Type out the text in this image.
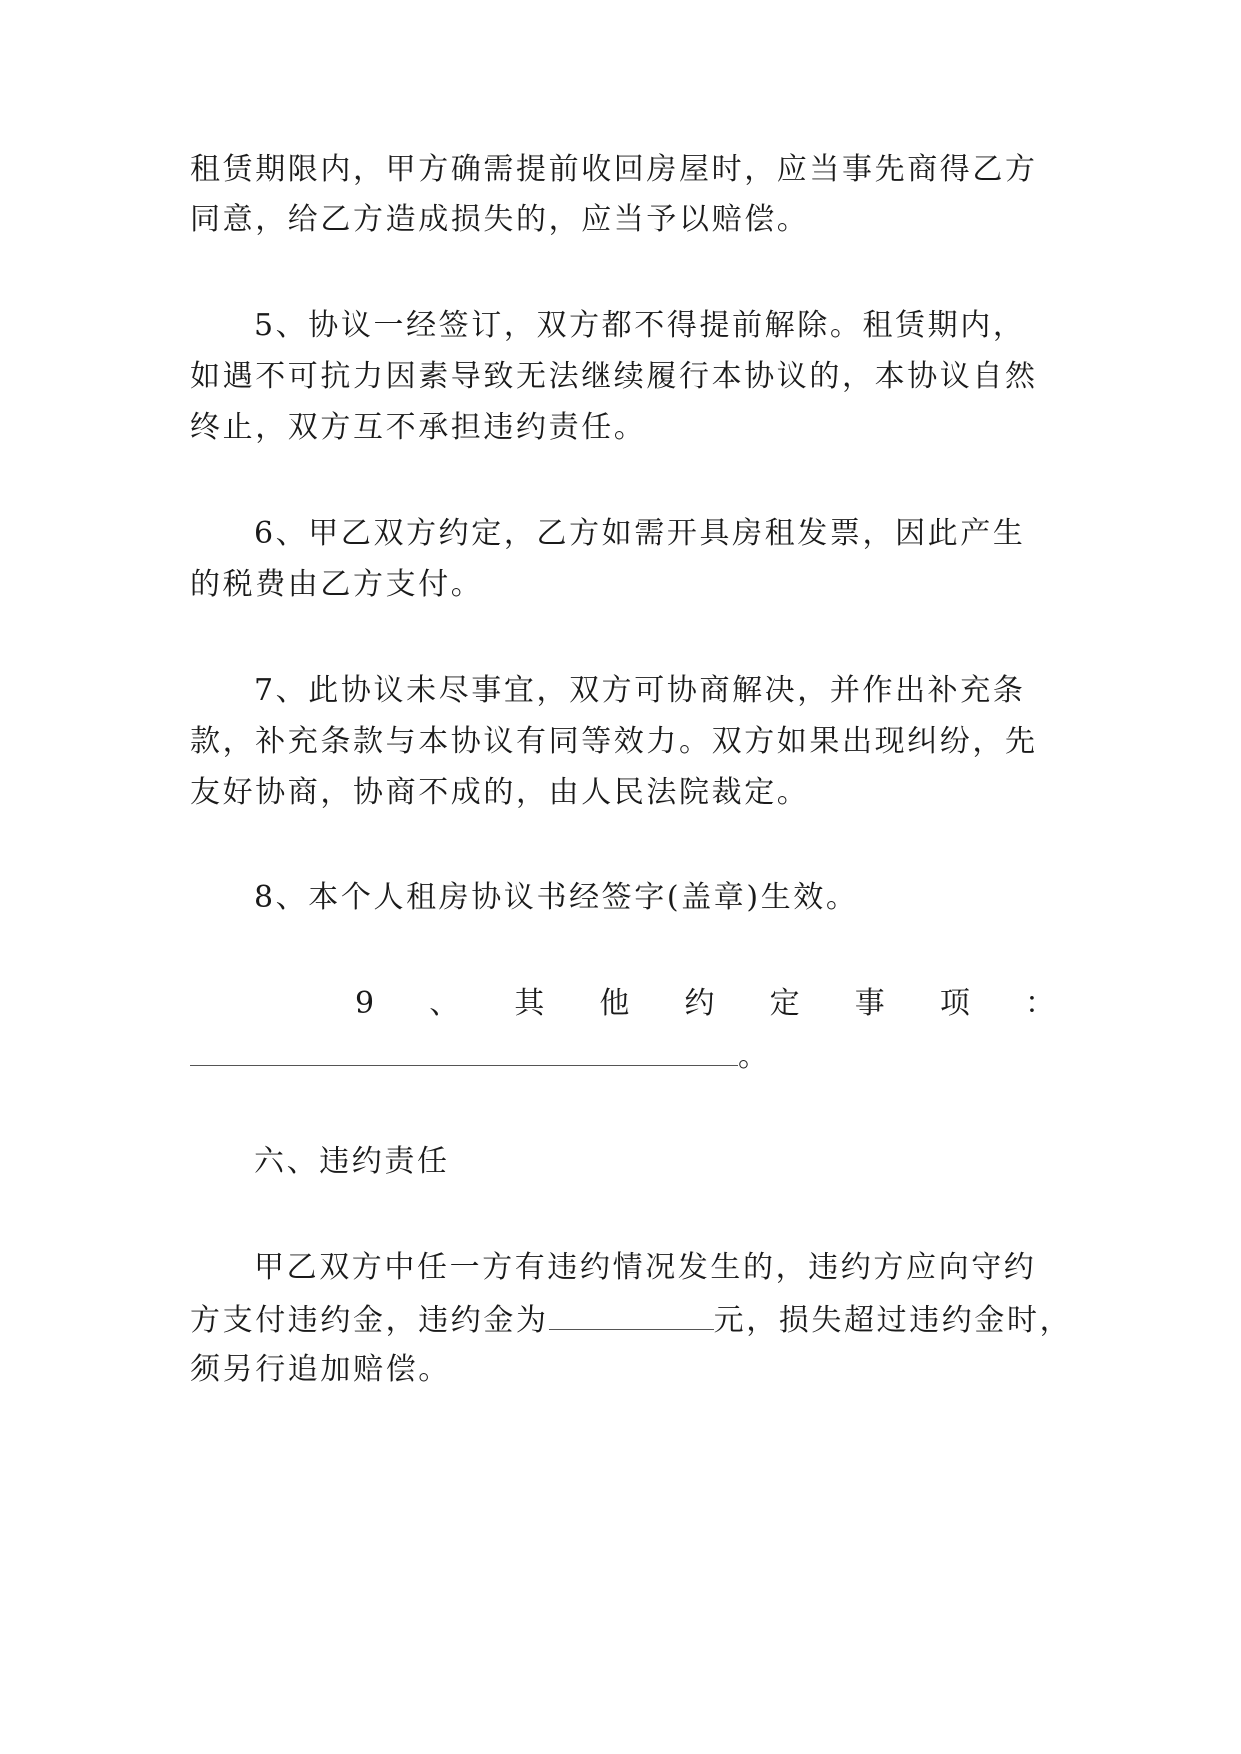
租赁期限内，甲方确需提前收回房屋时，应当事先商得乙方
同意，给乙方造成损失的，应当予以赔偿。
5、协议一经签订，双方都不得提前解除。租赁期内，
如遇不可抗力因素导致无法继续履行本协议的，本协议自然
终止，双方互不承担违约责任。
6、甲乙双方约定，乙方如需开具房租发票，因此产生
的税费由乙方支付。
7、此协议未尽事宜，双方可协商解决，并作出补充条
款，补充条款与本协议有同等效力。双方如果出现纠纷，先
友好协商，协商不成的，由人民法院裁定。
8、本个人租房协议书经签字(盖章)生效。
9 、 其 他 约 定 事 项 ：
。
六、违约责任
甲乙双方中任一方有违约情况发生的，违约方应向守约
方支付违约金，违约金为	元，损失超过违约金时，
须另行追加赔偿。
